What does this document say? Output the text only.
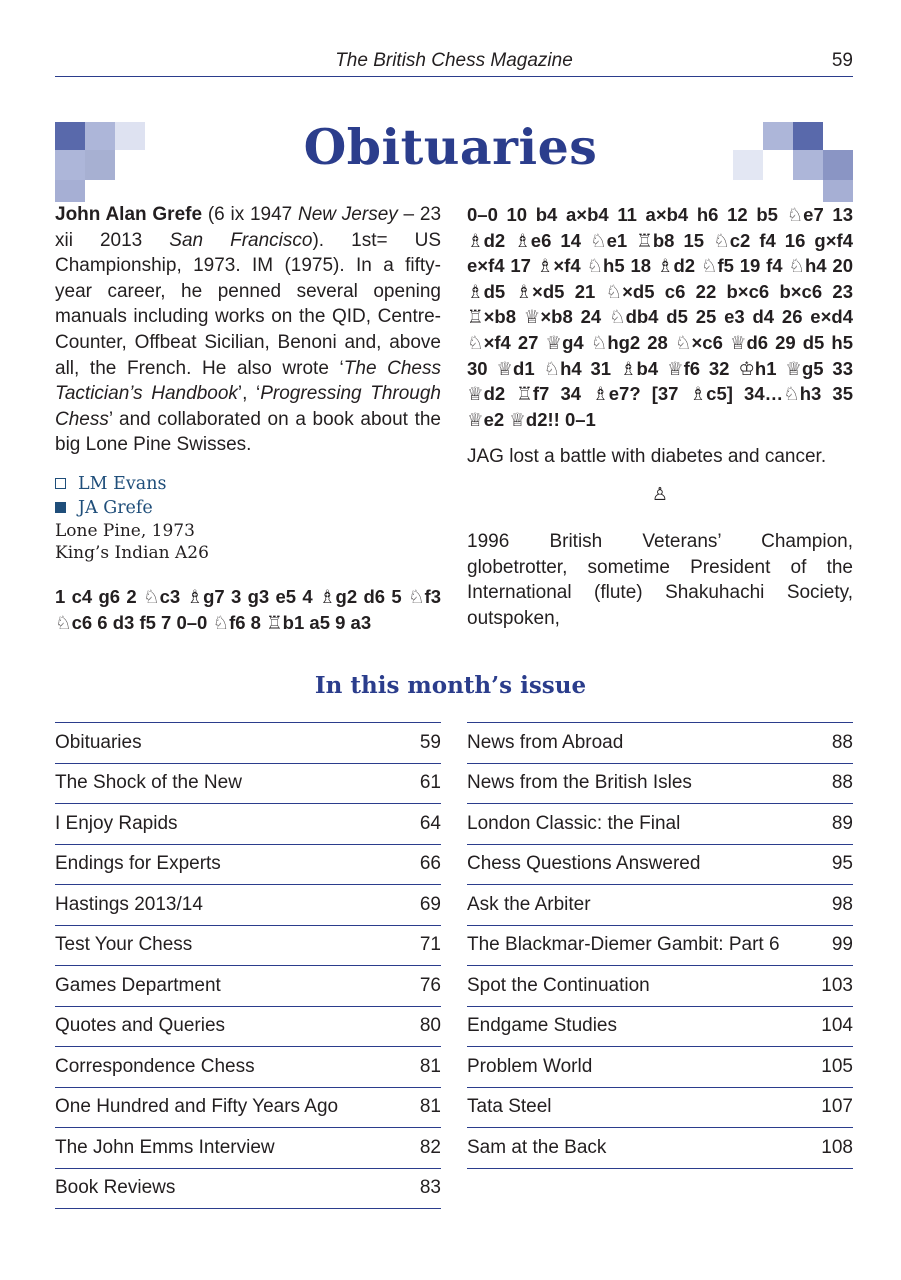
The British Chess Magazine	59
Obituaries

John Alan Grefe (6 ix 1947 New Jersey – 23 xii 2013 San Francisco). 1st= US Championship, 1973. IM (1975). In a fifty-year career, he penned several opening manuals including works on the QID, Centre-Counter, Offbeat Sicilian, Benoni and, above all, the French. He also wrote ‘The Chess Tactician’s Handbook’, ‘Progressing Through Chess’ and collaborated on a book about the big Lone Pine Swisses.

LM Evans
JA Grefe
Lone Pine, 1973
King’s Indian A26

1 c4 g6 2 ♘c3 ♗g7 3 g3 e5 4 ♗g2 d6 5 ♘f3 ♘c6 6 d3 f5 7 0–0 ♘f6 8 ♖b1 a5 9 a3

0–0 10 b4 a×b4 11 a×b4 h6 12 b5 ♘e7 13 ♗d2 ♗e6 14 ♘e1 ♖b8 15 ♘c2 f4 16 g×f4 e×f4 17 ♗×f4 ♘h5 18 ♗d2 ♘f5 19 f4 ♘h4 20 ♗d5 ♗×d5 21 ♘×d5 c6 22 b×c6 b×c6 23 ♖×b8 ♕×b8 24 ♘db4 d5 25 e3 d4 26 e×d4 ♘×f4 27 ♕g4 ♘hg2 28 ♘×c6 ♕d6 29 d5 h5 30 ♕d1 ♘h4 31 ♗b4 ♕f6 32 ♔h1 ♕g5 33 ♕d2 ♖f7 34 ♗e7? [37 ♗c5] 34…♘h3 35 ♕e2 ♕d2!! 0–1

JAG lost a battle with diabetes and cancer.

♙

1996 British Veterans’ Champion, globetrotter, sometime President of the International (flute) Shakuhachi Society, outspoken,

In this month’s issue
Obituaries	59
The Shock of the New	61
I Enjoy Rapids	64
Endings for Experts	66
Hastings 2013/14	69
Test Your Chess	71
Games Department	76
Quotes and Queries	80
Correspondence Chess	81
One Hundred and Fifty Years Ago	81
The John Emms Interview	82
Book Reviews	83
News from Abroad	88
News from the British Isles	88
London Classic: the Final	89
Chess Questions Answered	95
Ask the Arbiter	98
The Blackmar-Diemer Gambit: Part 6	99
Spot the Continuation	103
Endgame Studies	104
Problem World	105
Tata Steel	107
Sam at the Back	108
